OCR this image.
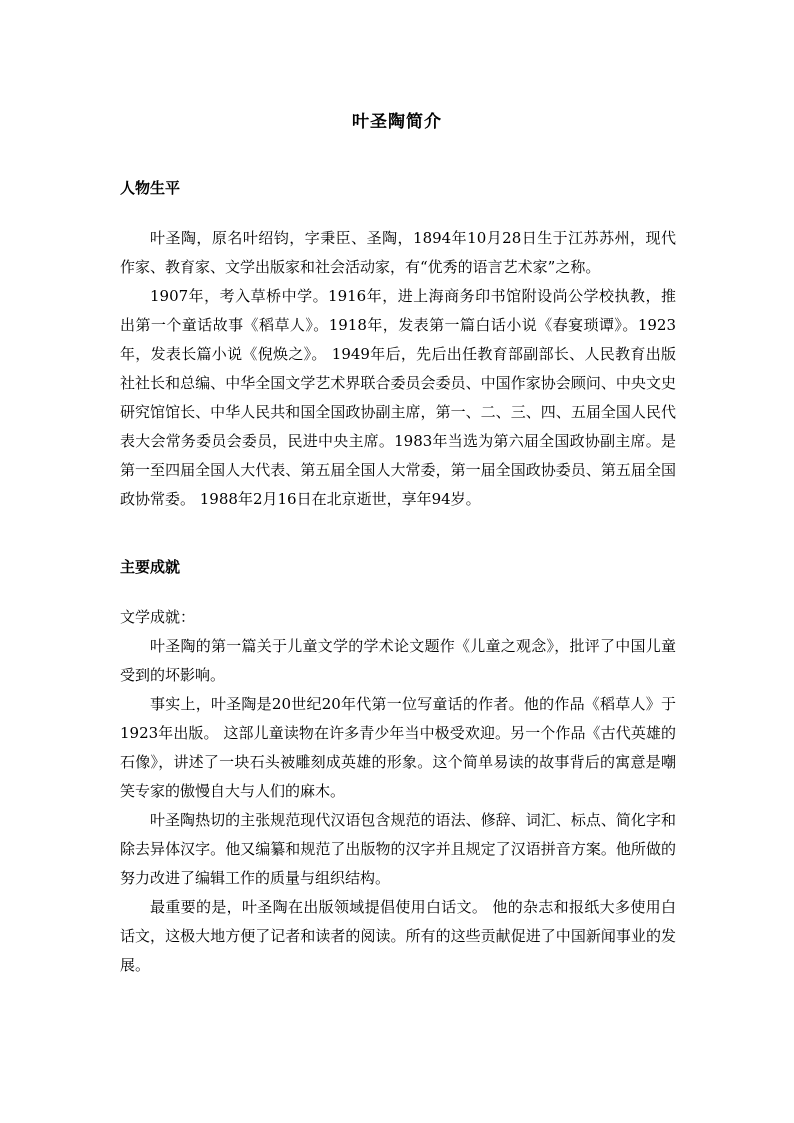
叶圣陶简介
人物生平

叶圣陶，原名叶绍钧，字秉臣、圣陶，1894年10月28日生于江苏苏州，现代作家、教育家、文学出版家和社会活动家，有“优秀的语言艺术家”之称。

1907年，考入草桥中学。1916年，进上海商务印书馆附设尚公学校执教，推出第一个童话故事《稻草人》。1918年，发表第一篇白话小说《春宴琐谭》。1923年，发表长篇小说《倪焕之》。 1949年后，先后出任教育部副部长、人民教育出版社社长和总编、中华全国文学艺术界联合委员会委员、中国作家协会顾问、中央文史研究馆馆长、中华人民共和国全国政协副主席，第一、二、三、四、五届全国人民代表大会常务委员会委员，民进中央主席。1983年当选为第六届全国政协副主席。是第一至四届全国人大代表、第五届全国人大常委，第一届全国政协委员、第五届全国政协常委。 1988年2月16日在北京逝世，享年94岁。

主要成就

文学成就：

叶圣陶的第一篇关于儿童文学的学术论文题作《儿童之观念》，批评了中国儿童受到的坏影响。

事实上，叶圣陶是20世纪20年代第一位写童话的作者。他的作品《稻草人》于1923年出版。 这部儿童读物在许多青少年当中极受欢迎。另一个作品《古代英雄的石像》，讲述了一块石头被雕刻成英雄的形象。这个简单易读的故事背后的寓意是嘲笑专家的傲慢自大与人们的麻木。

叶圣陶热切的主张规范现代汉语包含规范的语法、修辞、词汇、标点、简化字和除去异体汉字。他又编纂和规范了出版物的汉字并且规定了汉语拼音方案。他所做的努力改进了编辑工作的质量与组织结构。

最重要的是，叶圣陶在出版领域提倡使用白话文。 他的杂志和报纸大多使用白话文，这极大地方便了记者和读者的阅读。所有的这些贡献促进了中国新闻事业的发展。
